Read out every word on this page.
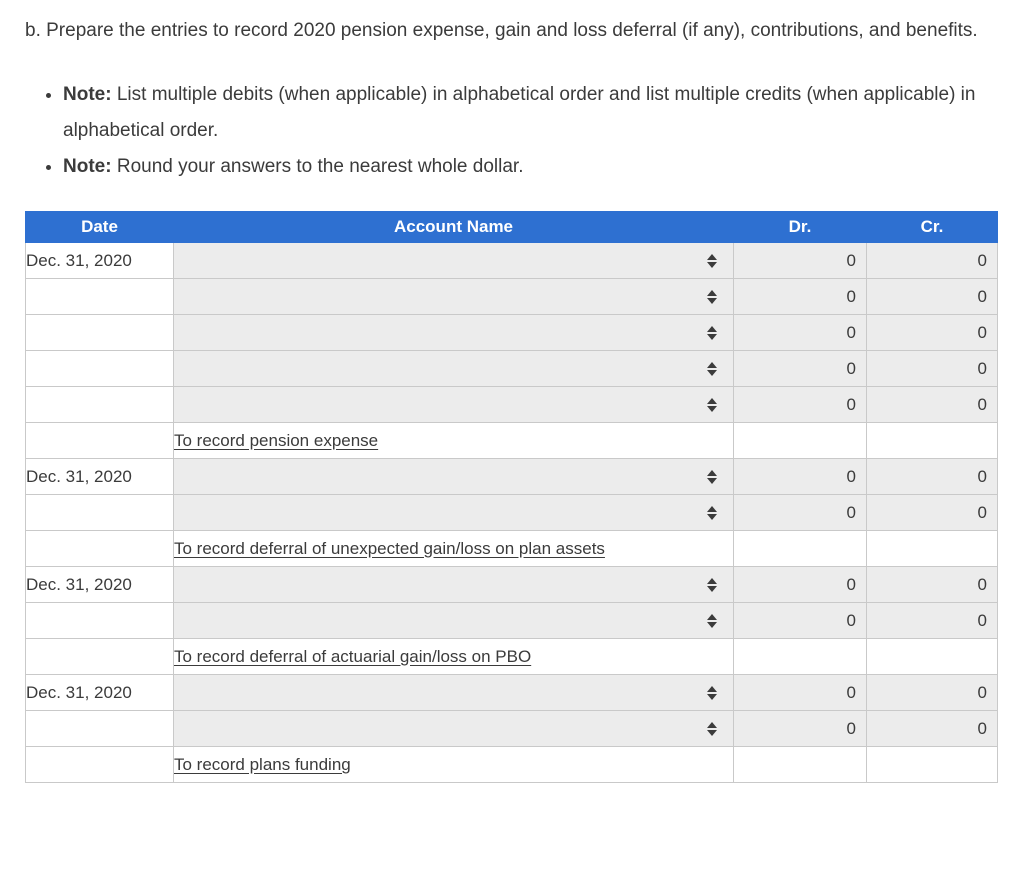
b. Prepare the entries to record 2020 pension expense, gain and loss deferral (if any), contributions, and benefits.

• Note: List multiple debits (when applicable) in alphabetical order and list multiple credits (when applicable) in alphabetical order.
• Note: Round your answers to the nearest whole dollar.
Date	Account Name	Dr.	Cr.
Dec. 31, 2020		0	0

		0	0

		0	0

		0	0

		0	0

	To record pension expense		
Dec. 31, 2020		0	0

		0	0

	To record deferral of unexpected gain/loss on plan assets		
Dec. 31, 2020		0	0

		0	0

	To record deferral of actuarial gain/loss on PBO		
Dec. 31, 2020		0	0

		0	0

	To record plans funding		
